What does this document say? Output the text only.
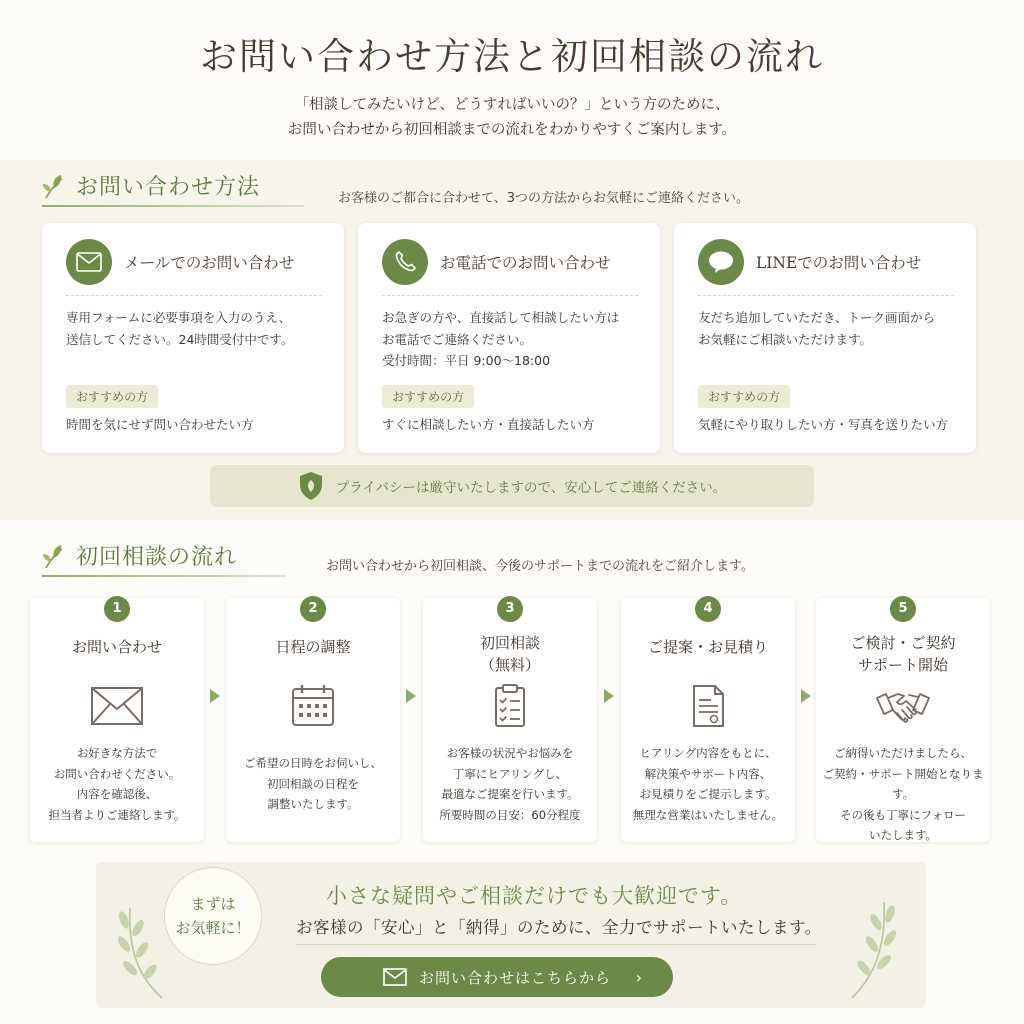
お問い合わせ方法と初回相談の流れ
「相談してみたいけど、どうすればいいの？」という方のために、
お問い合わせから初回相談までの流れをわかりやすくご案内します。
お問い合わせ方法	お客様のご都合に合わせて、3つの方法からお気軽にご連絡ください。
メールでのお問い合わせ
専用フォームに必要事項を入力のうえ、
送信してください。24時間受付中です。
おすすめの方
時間を気にせず問い合わせたい方
お電話でのお問い合わせ
お急ぎの方や、直接話して相談したい方は
お電話でご連絡ください。
受付時間：平日 9:00〜18:00
おすすめの方
すぐに相談したい方・直接話したい方
LINEでのお問い合わせ
友だち追加していただき、トーク画面から
お気軽にご相談いただけます。
おすすめの方
気軽にやり取りしたい方・写真を送りたい方
プライバシーは厳守いたしますので、安心してご連絡ください。
初回相談の流れ	お問い合わせから初回相談、今後のサポートまでの流れをご紹介します。
1
お問い合わせ
お好きな方法で
お問い合わせください。
内容を確認後、
担当者よりご連絡します。
2
日程の調整
ご希望の日時をお伺いし、
初回相談の日程を
調整いたします。
3
初回相談
（無料）
お客様の状況やお悩みを
丁寧にヒアリングし、
最適なご提案を行います。
所要時間の目安：60分程度
4
ご提案・お見積り
ヒアリング内容をもとに、
解決策やサポート内容、
お見積りをご提示します。
無理な営業はいたしません。
5
ご検討・ご契約
サポート開始
ご納得いただけましたら、
ご契約・サポート開始となります。
その後も丁寧にフォロー
いたします。
まずは
お気軽に！
小さな疑問やご相談だけでも大歓迎です。
お客様の「安心」と「納得」のために、全力でサポートいたします。
お問い合わせはこちらから ›
